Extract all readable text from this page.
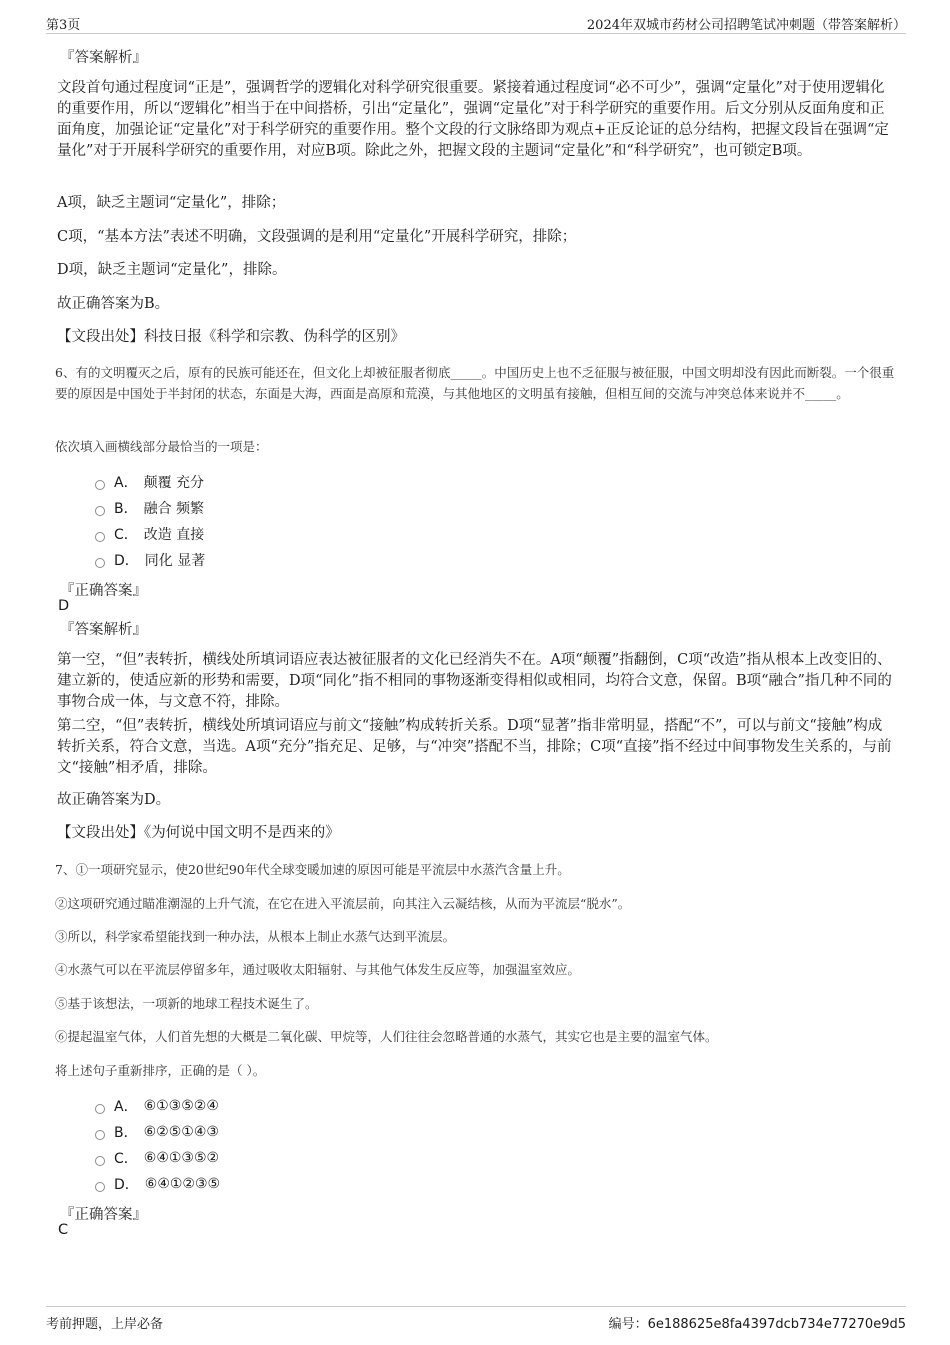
第3页	2024年双城市药材公司招聘笔试冲刺题（带答案解析）
『答案解析』
文段首句通过程度词“正是”，强调哲学的逻辑化对科学研究很重要。紧接着通过程度词“必不可少”，强调“定量化”对于使用逻辑化的重要作用，所以“逻辑化”相当于在中间搭桥，引出“定量化”，强调“定量化”对于科学研究的重要作用。后文分别从反面角度和正面角度，加强论证“定量化”对于科学研究的重要作用。整个文段的行文脉络即为观点+正反论证的总分结构，把握文段旨在强调“定量化”对于开展科学研究的重要作用，对应B项。除此之外，把握文段的主题词“定量化”和“科学研究”，也可锁定B项。
A项，缺乏主题词“定量化”，排除；
C项，“基本方法”表述不明确，文段强调的是利用“定量化”开展科学研究，排除；
D项，缺乏主题词“定量化”，排除。
故正确答案为B。
【文段出处】科技日报《科学和宗教、伪科学的区别》
6、有的文明覆灭之后，原有的民族可能还在，但文化上却被征服者彻底_____。中国历史上也不乏征服与被征服，中国文明却没有因此而断裂。一个很重要的原因是中国处于半封闭的状态，东面是大海，西面是高原和荒漠，与其他地区的文明虽有接触，但相互间的交流与冲突总体来说并不_____。
依次填入画横线部分最恰当的一项是：
A． 颠覆 充分
B． 融合 频繁
C． 改造 直接
D． 同化 显著
『正确答案』
D
『答案解析』
第一空，“但”表转折，横线处所填词语应表达被征服者的文化已经消失不在。A项“颠覆”指翻倒，C项“改造”指从根本上改变旧的、建立新的，使适应新的形势和需要，D项“同化”指不相同的事物逐渐变得相似或相同，均符合文意，保留。B项“融合”指几种不同的事物合成一体，与文意不符，排除。
第二空，“但”表转折，横线处所填词语应与前文“接触”构成转折关系。D项“显著”指非常明显，搭配“不”，可以与前文“接触”构成转折关系，符合文意，当选。A项“充分”指充足、足够，与“冲突”搭配不当，排除；C项“直接”指不经过中间事物发生关系的，与前文“接触”相矛盾，排除。
故正确答案为D。
【文段出处】《为何说中国文明不是西来的》
7、①一项研究显示，使20世纪90年代全球变暖加速的原因可能是平流层中水蒸汽含量上升。
②这项研究通过瞄准潮湿的上升气流，在它在进入平流层前，向其注入云凝结核，从而为平流层“脱水”。
③所以，科学家希望能找到一种办法，从根本上制止水蒸气达到平流层。
④水蒸气可以在平流层停留多年，通过吸收太阳辐射、与其他气体发生反应等，加强温室效应。
⑤基于该想法，一项新的地球工程技术诞生了。
⑥提起温室气体，人们首先想的大概是二氧化碳、甲烷等，人们往往会忽略普通的水蒸气，其实它也是主要的温室气体。
将上述句子重新排序，正确的是（ ）。
A． ⑥①③⑤②④
B． ⑥②⑤①④③
C． ⑥④①③⑤②
D． ⑥④①②③⑤
『正确答案』
C
考前押题，上岸必备	编号：6e188625e8fa4397dcb734e77270e9d5
